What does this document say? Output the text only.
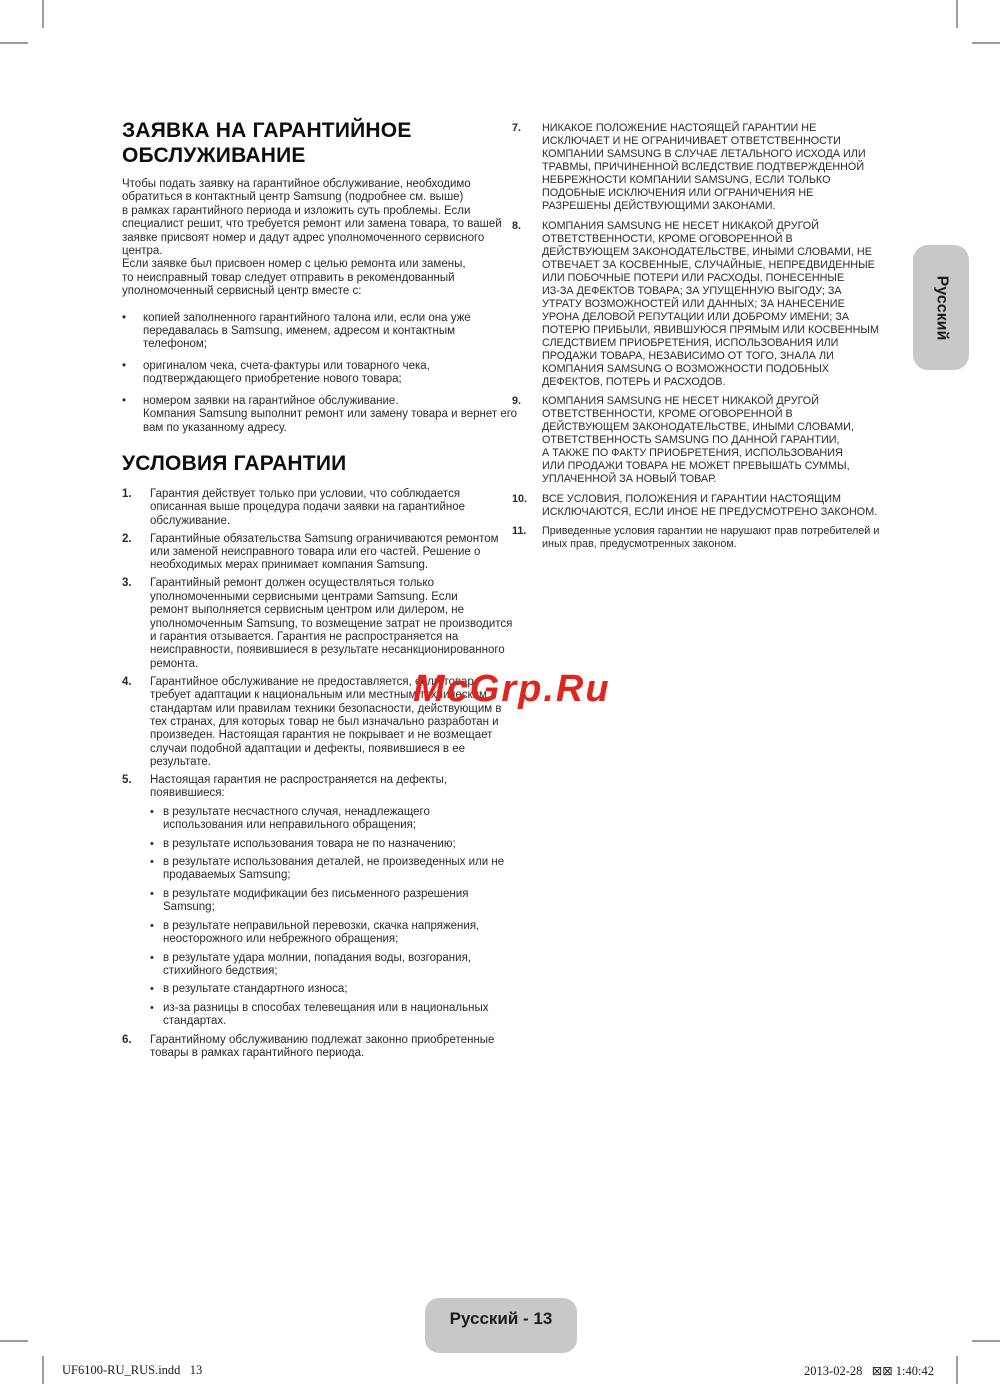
ЗАЯВКА НА ГАРАНТИЙНОЕ
ОБСЛУЖИВАНИЕ

Чтобы подать заявку на гарантийное обслуживание, необходимо
обратиться в контактный центр Samsung (подробнее см. выше)
в рамках гарантийного периода и изложить суть проблемы. Если
специалист решит, что требуется ремонт или замена товара, то вашей
заявке присвоят номер и дадут адрес уполномоченного сервисного
центра.

Если заявке был присвоен номер с целью ремонта или замены,
то неисправный товар следует отправить в рекомендованный
уполномоченный сервисный центр вместе с:

•	копией заполненного гарантийного талона или, если она уже
передавалась в Samsung, именем, адресом и контактным
телефоном;

•	оригиналом чека, счета-фактуры или товарного чека,
подтверждающего приобретение нового товара;

•	номером заявки на гарантийное обслуживание.
Компания Samsung выполнит ремонт или замену товара и вернет его
вам по указанному адресу.

УСЛОВИЯ ГАРАНТИИ
1.	Гарантия действует только при условии, что соблюдается
описанная выше процедура подачи заявки на гарантийное
обслуживание.

2.	Гарантийные обязательства Samsung ограничиваются ремонтом
или заменой неисправного товара или его частей. Решение о
необходимых мерах принимает компания Samsung.

3.	Гарантийный ремонт должен осуществляться только
уполномоченными сервисными центрами Samsung. Если
ремонт выполняется сервисным центром или дилером, не
уполномоченным Samsung, то возмещение затрат не производится
и гарантия отзывается. Гарантия не распространяется на
неисправности, появившиеся в результате несанкционированного
ремонта.

4.	Гарантийное обслуживание не предоставляется, если товар
требует адаптации к национальным или местным техническим
стандартам или правилам техники безопасности, действующим в
тех странах, для которых товар не был изначально разработан и
произведен. Настоящая гарантия не покрывает и не возмещает
случаи подобной адаптации и дефекты, появившиеся в ее
результате.

5.	Настоящая гарантия не распространяется на дефекты,
появившиеся:

• в результате несчастного случая, ненадлежащего
использования или неправильного обращения;

• в результате использования товара не по назначению;

• в результате использования деталей, не произведенных или не
продаваемых Samsung;

• в результате модификации без письменного разрешения
Samsung;

• в результате неправильной перевозки, скачка напряжения,
неосторожного или небрежного обращения;

• в результате удара молнии, попадания воды, возгорания,
стихийного бедствия;

• в результате стандартного износа;

• из-за разницы в способах телевещания или в национальных
стандартах.

6.	Гарантийному обслуживанию подлежат законно приобретенные
товары в рамках гарантийного периода.

7.	НИКАКОЕ ПОЛОЖЕНИЕ НАСТОЯЩЕЙ ГАРАНТИИ НЕ
ИСКЛЮЧАЕТ И НЕ ОГРАНИЧИВАЕТ ОТВЕТСТВЕННОСТИ
КОМПАНИИ SAMSUNG В СЛУЧАЕ ЛЕТАЛЬНОГО ИСХОДА ИЛИ
ТРАВМЫ, ПРИЧИНЕННОЙ ВСЛЕДСТВИЕ ПОДТВЕРЖДЕННОЙ
НЕБРЕЖНОСТИ КОМПАНИИ SAMSUNG, ЕСЛИ ТОЛЬКО
ПОДОБНЫЕ ИСКЛЮЧЕНИЯ ИЛИ ОГРАНИЧЕНИЯ НЕ
РАЗРЕШЕНЫ ДЕЙСТВУЮЩИМИ ЗАКОНАМИ.

8.	КОМПАНИЯ SAMSUNG НЕ НЕСЕТ НИКАКОЙ ДРУГОЙ
ОТВЕТСТВЕННОСТИ, КРОМЕ ОГОВОРЕННОЙ В
ДЕЙСТВУЮЩЕМ ЗАКОНОДАТЕЛЬСТВЕ, ИНЫМИ СЛОВАМИ, НЕ
ОТВЕЧАЕТ ЗА КОСВЕННЫЕ, СЛУЧАЙНЫЕ, НЕПРЕДВИДЕННЫЕ
ИЛИ ПОБОЧНЫЕ ПОТЕРИ ИЛИ РАСХОДЫ, ПОНЕСЕННЫЕ
ИЗ-ЗА ДЕФЕКТОВ ТОВАРА; ЗА УПУЩЕННУЮ ВЫГОДУ; ЗА
УТРАТУ ВОЗМОЖНОСТЕЙ ИЛИ ДАННЫХ; ЗА НАНЕСЕНИЕ
УРОНА ДЕЛОВОЙ РЕПУТАЦИИ ИЛИ ДОБРОМУ ИМЕНИ; ЗА
ПОТЕРЮ ПРИБЫЛИ, ЯВИВШУЮСЯ ПРЯМЫМ ИЛИ КОСВЕННЫМ
СЛЕДСТВИЕМ ПРИОБРЕТЕНИЯ, ИСПОЛЬЗОВАНИЯ ИЛИ
ПРОДАЖИ ТОВАРА, НЕЗАВИСИМО ОТ ТОГО, ЗНАЛА ЛИ
КОМПАНИЯ SAMSUNG О ВОЗМОЖНОСТИ ПОДОБНЫХ
ДЕФЕКТОВ, ПОТЕРЬ И РАСХОДОВ.

9.	КОМПАНИЯ SAMSUNG НЕ НЕСЕТ НИКАКОЙ ДРУГОЙ
ОТВЕТСТВЕННОСТИ, КРОМЕ ОГОВОРЕННОЙ В
ДЕЙСТВУЮЩЕМ ЗАКОНОДАТЕЛЬСТВЕ, ИНЫМИ СЛОВАМИ,
ОТВЕТСТВЕННОСТЬ SAMSUNG ПО ДАННОЙ ГАРАНТИИ,
А ТАКЖЕ ПО ФАКТУ ПРИОБРЕТЕНИЯ, ИСПОЛЬЗОВАНИЯ
ИЛИ ПРОДАЖИ ТОВАРА НЕ МОЖЕТ ПРЕВЫШАТЬ СУММЫ,
УПЛАЧЕННОЙ ЗА НОВЫЙ ТОВАР.

10.	ВСЕ УСЛОВИЯ, ПОЛОЖЕНИЯ И ГАРАНТИИ НАСТОЯЩИМ
ИСКЛЮЧАЮТСЯ, ЕСЛИ ИНОЕ НЕ ПРЕДУСМОТРЕНО ЗАКОНОМ.

11.	Приведенные условия гарантии не нарушают прав потребителей и
иных прав, предусмотренных законом.

Русский
McGrp.Ru
Русский - 13
UF6100-RU_RUS.indd   13	2013-02-28   ⊠⊠ 1:40:42
